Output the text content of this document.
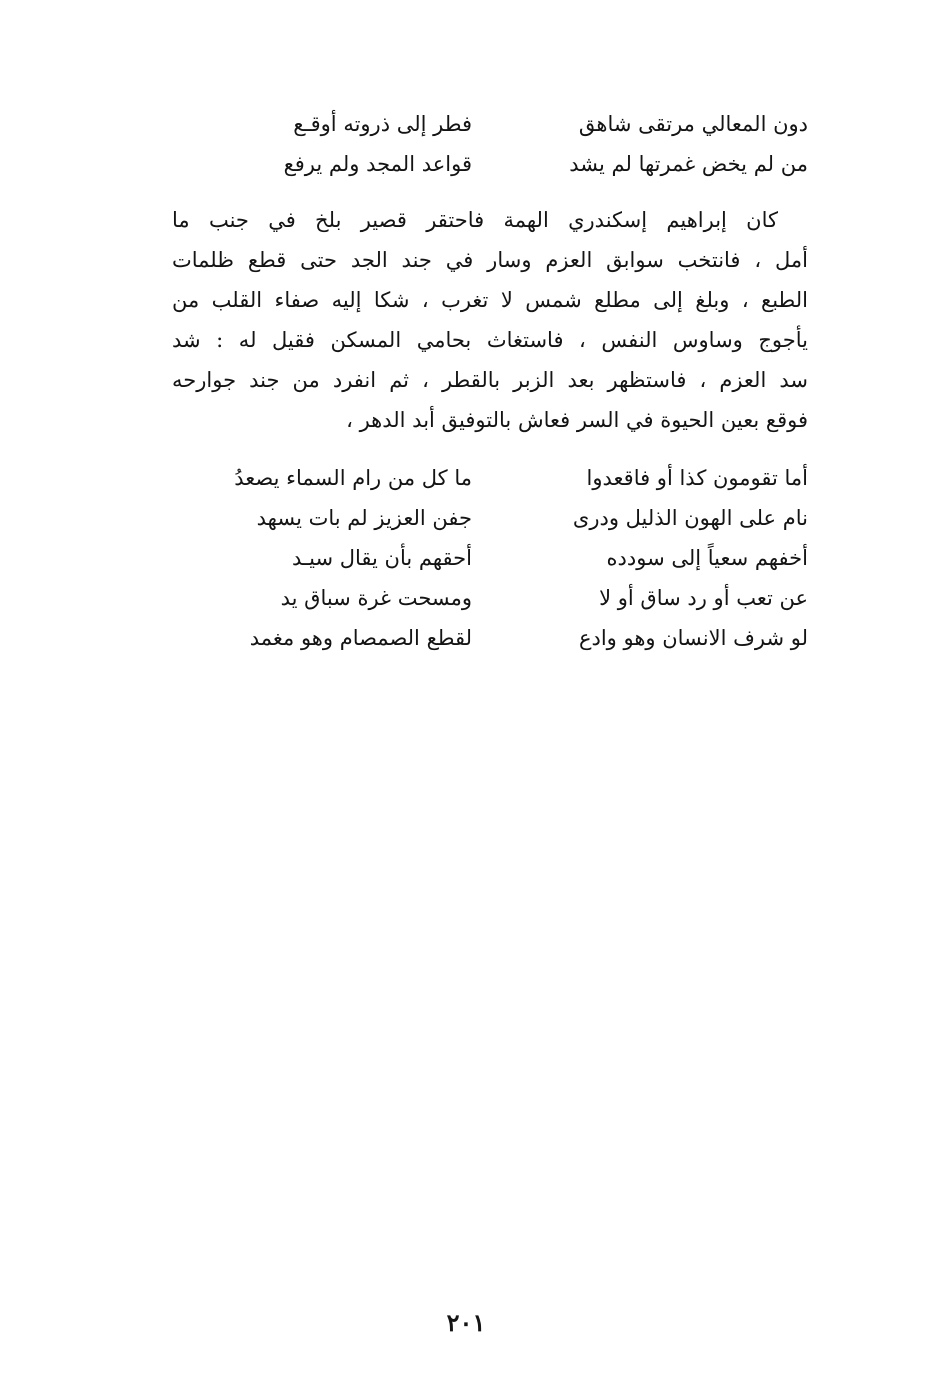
دون المعالي مرتقى شاهق
فطر إلى ذروته أوقـع
من لم يخض غمرتها لم يشد
قواعد المجد ولم يرفع
كان إبراهيم إسكندري الهمة فاحتقر قصير بلخ في جنب ما
أمل ، فانتخب سوابق العزم وسار في جند الجد حتى قطع ظلمات
الطبع ، وبلغ إلى مطلع شمس لا تغرب ، شكا إليه صفاء القلب من
يأجوج وساوس النفس ، فاستغاث بحامي المسكن فقيل له : شد
سد العزم ، فاستظهر بعد الزبر بالقطر ، ثم انفرد من جند جوارحه
فوقع بعين الحيوة في السر فعاش بالتوفيق أبد الدهر ،
أما تقومون كذا أو فاقعدوا
ما كل من رام السماء يصعدُ
نام على الهون الذليل ودرى
جفن العزيز لم بات يسهد
أخفهم سعياً إلى سودده
أحقهم بأن يقال سيـد
عن تعب أو رد ساق أو لا
ومسحت غرة سباق يد
لو شرف الانسان وهو وادع
لقطع الصمصام وهو مغمد
٢٠١
